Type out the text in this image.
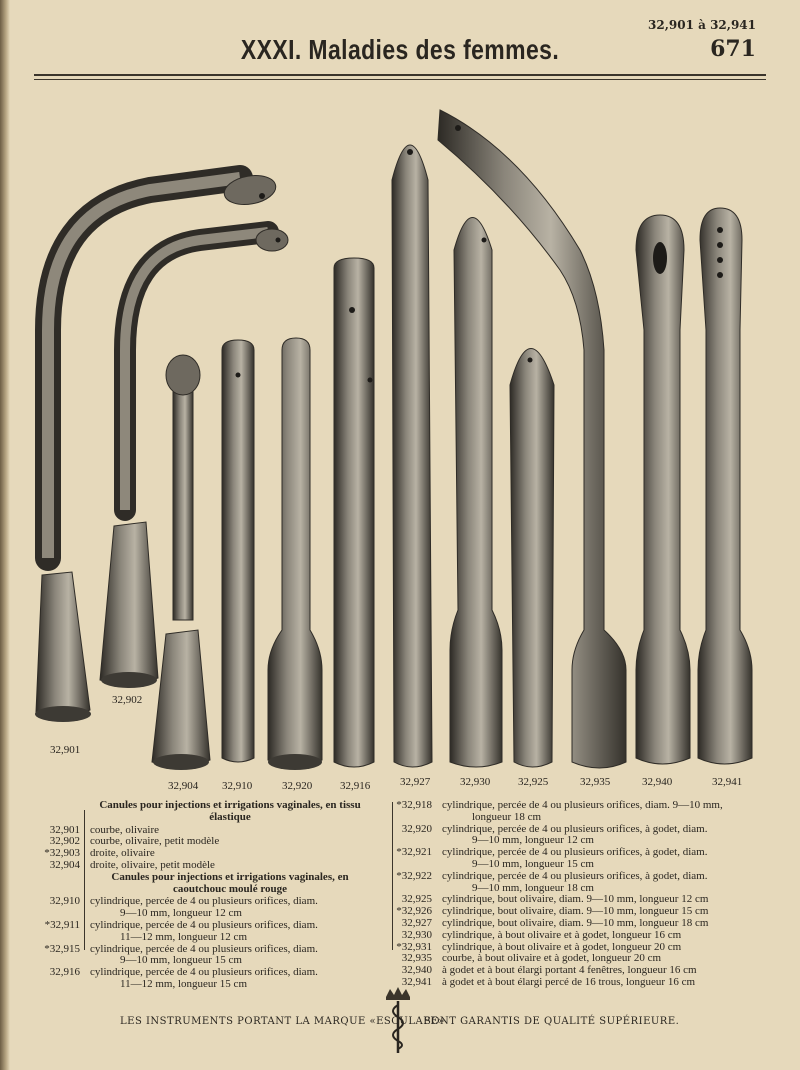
32,901 à 32,941
XXXI. Maladies des femmes.	671
32,901
32,902
32,904 32,910	32,920	32,916	32,927	32,930	32,925	32,935	32,940	32,941
Canules pour injections et irrigations vaginales, en tissu élastique
32,901 courbe, olivaire
32,902 courbe, olivaire, petit modèle
*32,903 droite, olivaire
32,904 droite, olivaire, petit modèle
Canules pour injections et irrigations vaginales, en caoutchouc moulé rouge
32,910 cylindrique, percée de 4 ou plusieurs orifices, diam.
9—10 mm, longueur 12 cm
*32,911 cylindrique, percée de 4 ou plusieurs orifices, diam.
11—12 mm, longueur 12 cm
*32,915 cylindrique, percée de 4 ou plusieurs orifices, diam.
9—10 mm, longueur 15 cm
32,916 cylindrique, percée de 4 ou plusieurs orifices, diam.
11—12 mm, longueur 15 cm
*32,918 cylindrique, percée de 4 ou plusieurs orifices, diam. 9—10 mm,
longueur 18 cm
32,920 cylindrique, percée de 4 ou plusieurs orifices, à godet, diam.
9—10 mm, longueur 12 cm
*32,921 cylindrique, percée de 4 ou plusieurs orifices, à godet, diam.
9—10 mm, longueur 15 cm
*32,922 cylindrique, percée de 4 ou plusieurs orifices, à godet, diam.
9—10 mm, longueur 18 cm
32,925 cylindrique, bout olivaire, diam. 9—10 mm, longueur 12 cm
*32,926 cylindrique, bout olivaire, diam. 9—10 mm, longueur 15 cm
32,927 cylindrique, bout olivaire, diam. 9—10 mm, longueur 18 cm
32,930 cylindrique, à bout olivaire et à godet, longueur 16 cm
*32,931 cylindrique, à bout olivaire et à godet, longueur 20 cm
32,935 courbe, à bout olivaire et à godet, longueur 20 cm
32,940 à godet et à bout élargi portant 4 fenêtres, longueur 16 cm
32,941 à godet et à bout élargi percé de 16 trous, longueur 16 cm
LES INSTRUMENTS PORTANT LA MARQUE «ESCULAPE»
SONT GARANTIS DE QUALITÉ SUPÉRIEURE.
